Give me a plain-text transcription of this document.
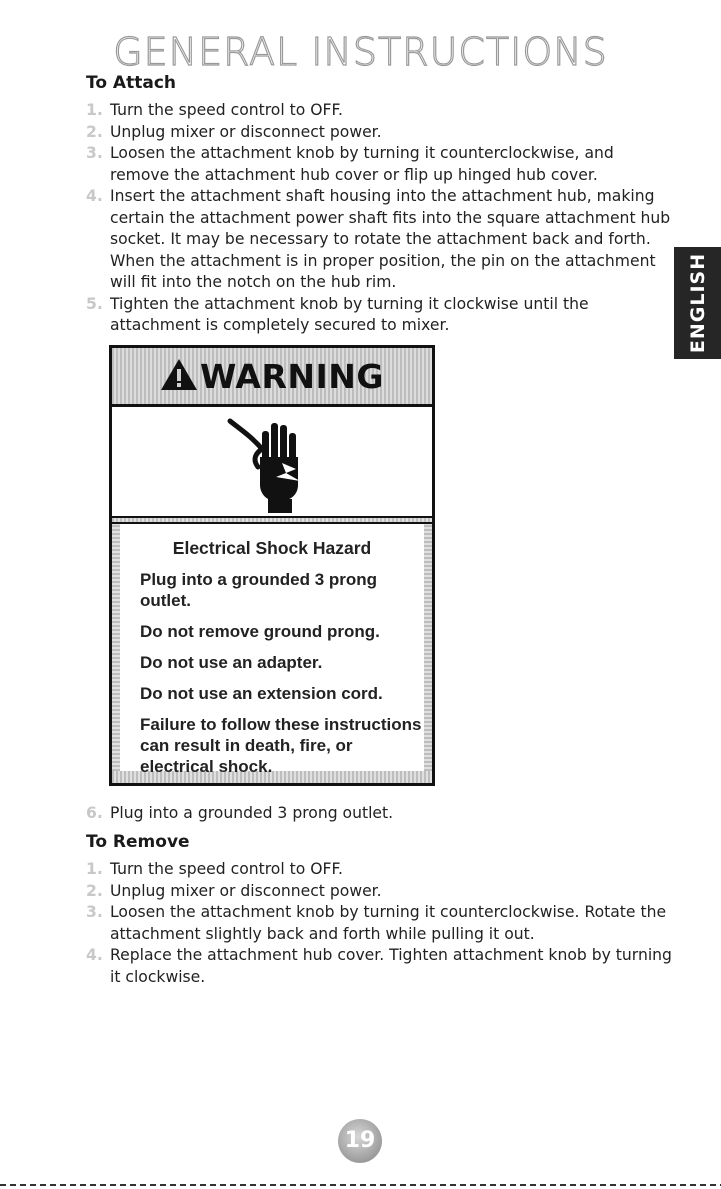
GENERAL INSTRUCTIONS
To Attach
1. Turn the speed control to OFF.
2. Unplug mixer or disconnect power.
3. Loosen the attachment knob by turning it counterclockwise, and remove the attachment hub cover or flip up hinged hub cover.
4. Insert the attachment shaft housing into the attachment hub, making certain the attachment power shaft fits into the square attachment hub socket. It may be necessary to rotate the attachment back and forth. When the attachment is in proper position, the pin on the attachment will fit into the notch on the hub rim.
5. Tighten the attachment knob by turning it clockwise until the attachment is completely secured to mixer.	ENGLISH
WARNING
Electrical Shock Hazard

Plug into a grounded 3 prong outlet.

Do not remove ground prong.

Do not use an adapter.

Do not use an extension cord.

Failure to follow these instructions can result in death, fire, or electrical shock.

6. Plug into a grounded 3 prong outlet.
To Remove
1. Turn the speed control to OFF.
2. Unplug mixer or disconnect power.
3. Loosen the attachment knob by turning it counterclockwise. Rotate the attachment slightly back and forth while pulling it out.
4. Replace the attachment hub cover. Tighten attachment knob by turning it clockwise.
19
